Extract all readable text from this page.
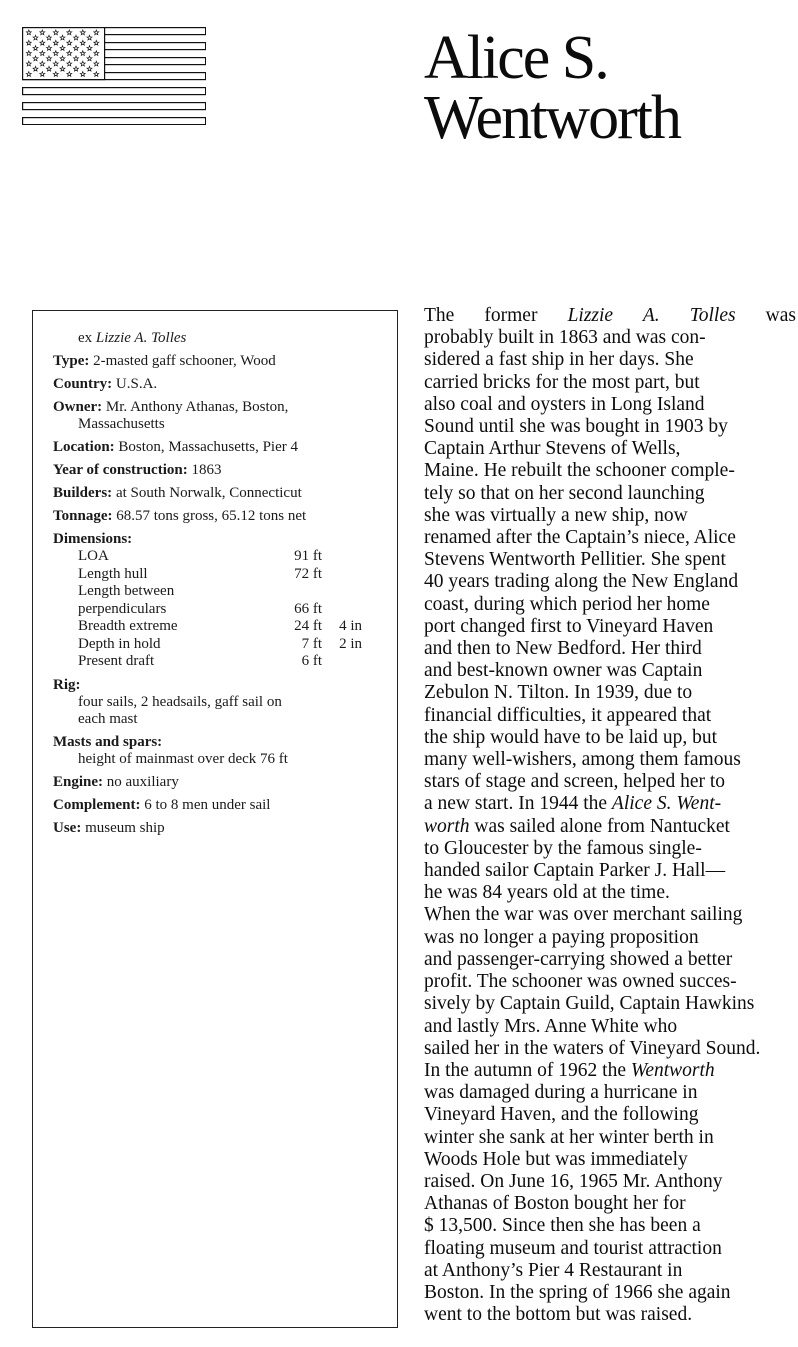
Alice S.
Wentworth
ex Lizzie A. Tolles
Type: 2-masted gaff schooner, Wood
Country: U.S.A.
Owner: Mr. Anthony Athanas, Boston,
Massachusetts
Location: Boston, Massachusetts, Pier 4
Year of construction: 1863
Builders: at South Norwalk, Connecticut
Tonnage: 68.57 tons gross, 65.12 tons net
Dimensions:
LOA	91 ft	
Length hull	72 ft	
Length between		
perpendiculars	66 ft	
Breadth extreme	24 ft	4 in
Depth in hold	7 ft	2 in
Present draft	6 ft	
Rig:
four sails, 2 headsails, gaff sail on
each mast
Masts and spars:
height of mainmast over deck 76 ft
Engine: no auxiliary
Complement: 6 to 8 men under sail
Use: museum ship
The former Lizzie A. Tolles was
probably built in 1863 and was con-
sidered a fast ship in her days. She
carried bricks for the most part, but
also coal and oysters in Long Island
Sound until she was bought in 1903 by
Captain Arthur Stevens of Wells,
Maine. He rebuilt the schooner comple-
tely so that on her second launching
she was virtually a new ship, now
renamed after the Captain’s niece, Alice
Stevens Wentworth Pellitier. She spent
40 years trading along the New England
coast, during which period her home
port changed first to Vineyard Haven
and then to New Bedford. Her third
and best-known owner was Captain
Zebulon N. Tilton. In 1939, due to
financial difficulties, it appeared that
the ship would have to be laid up, but
many well-wishers, among them famous
stars of stage and screen, helped her to
a new start. In 1944 the Alice S. Went-
worth was sailed alone from Nantucket
to Gloucester by the famous single-
handed sailor Captain Parker J. Hall—
he was 84 years old at the time.
When the war was over merchant sailing
was no longer a paying proposition
and passenger-carrying showed a better
profit. The schooner was owned succes-
sively by Captain Guild, Captain Hawkins
and lastly Mrs. Anne White who
sailed her in the waters of Vineyard Sound.
In the autumn of 1962 the Wentworth
was damaged during a hurricane in
Vineyard Haven, and the following
winter she sank at her winter berth in
Woods Hole but was immediately
raised. On June 16, 1965 Mr. Anthony
Athanas of Boston bought her for
$ 13,500. Since then she has been a
floating museum and tourist attraction
at Anthony’s Pier 4 Restaurant in
Boston. In the spring of 1966 she again
went to the bottom but was raised.
